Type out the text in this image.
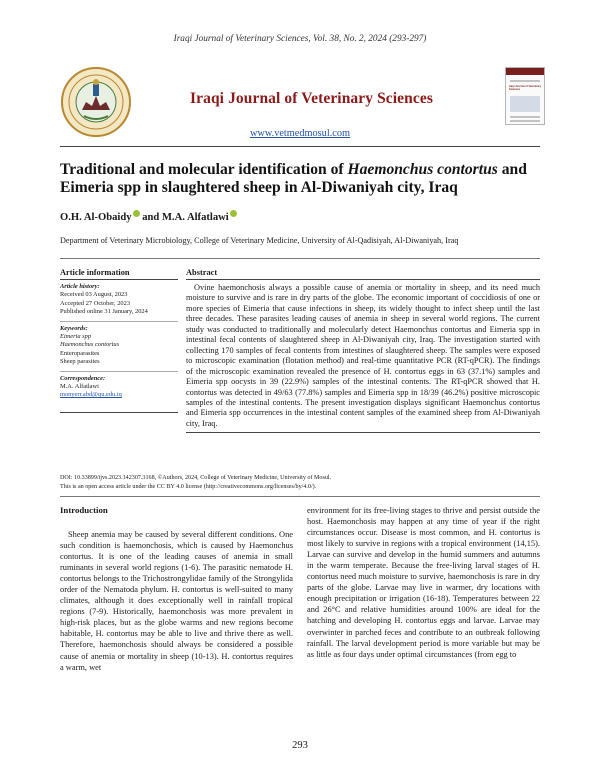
Iraqi Journal of Veterinary Sciences, Vol. 38, No. 2, 2024 (293-297)
Iraqi Journal of Veterinary Sciences
Iraqi Journal of Veterinary Sciences
www.vetmedmosul.com
Traditional and molecular identification of Haemonchus contortus and Eimeria spp in slaughtered sheep in Al-Diwaniyah city, Iraq
O.H. Al-Obaidy and M.A. Alfatlawi
Department of Veterinary Microbiology, College of Veterinary Medicine, University of Al-Qadisiyah, Al-Diwaniyah, Iraq
Article information
Article history:
Received 03 August, 2023
Accepted 27 October, 2023
Published online 31 January, 2024
Keywords:
Eimeria spp
Haemonchus contortus
Enteroparasites
Sheep parasites
Correspondence:
M.A. Alfatlawi
monyerr.abd@qu.edu.iq
Abstract

Ovine haemonchosis always a possible cause of anemia or mortality in sheep, and its need much moisture to survive and is rare in dry parts of the globe. The economic important of coccidiosis of one or more species of Eimeria that cause infections in sheep, its widely thought to infect sheep until the last three decades. These parasites leading causes of anemia in sheep in several world regions. The current study was conducted to traditionally and molecularly detect Haemonchus contortus and Eimeria spp in intestinal fecal contents of slaughtered sheep in Al-Diwaniyah city, Iraq. The investigation started with collecting 170 samples of fecal contents from intestines of slaughtered sheep. The samples were exposed to microscopic examination (flotation method) and real-time quantitative PCR (RT-qPCR). The findings of the microscopic examination revealed the presence of H. contortus eggs in 63 (37.1%) samples and Eimeria spp oocysts in 39 (22.9%) samples of the intestinal contents. The RT-qPCR showed that H. contortus was detected in 49/63 (77.8%) samples and Eimeria spp in 18/39 (46.2%) positive microscopic samples of the intestinal contents. The present investigation displays significant Haemonchus contortus and Eimeria spp occurrences in the intestinal content samples of the examined sheep from Al-Diwaniyah city, Iraq.

DOI: 10.33899/ijvs.2023.142307.3168, ©Authors, 2024, College of Veterinary Medicine, University of Mosul.
This is an open access article under the CC BY 4.0 license (http://creativecommons.org/licenses/by/4.0/).
Introduction

Sheep anemia may be caused by several different conditions. One such condition is haemonchosis, which is caused by Haemonchus contortus. It is one of the leading causes of anemia in small ruminants in several world regions (1-6). The parasitic nematode H. contortus belongs to the Trichostrongylidae family of the Strongylida order of the Nematoda phylum. H. contortus is well-suited to many climates, although it does exceptionally well in rainfall tropical regions (7-9). Historically, haemonchosis was more prevalent in high-risk places, but as the globe warms and new regions become habitable, H. contortus may be able to live and thrive there as well. Therefore, haemonchosis should always be considered a possible cause of anemia or mortality in sheep (10-13). H. contortus requires a warm, wet

environment for its free-living stages to thrive and persist outside the host. Haemonchosis may happen at any time of year if the right circumstances occur. Disease is most common, and H. contortus is most likely to survive in regions with a tropical environment (14,15). Larvae can survive and develop in the humid summers and autumns in the warm temperate. Because the free-living larval stages of H. contortus need much moisture to survive, haemonchosis is rare in dry parts of the globe. Larvae may live in warmer, dry locations with enough precipitation or irrigation (16-18). Temperatures between 22 and 26°C and relative humidities around 100% are ideal for the hatching and developing H. contortus eggs and larvae. Larvae may overwinter in parched feces and contribute to an outbreak following rainfall. The larval development period is more variable but may be as little as four days under optimal circumstances (from egg to

293
